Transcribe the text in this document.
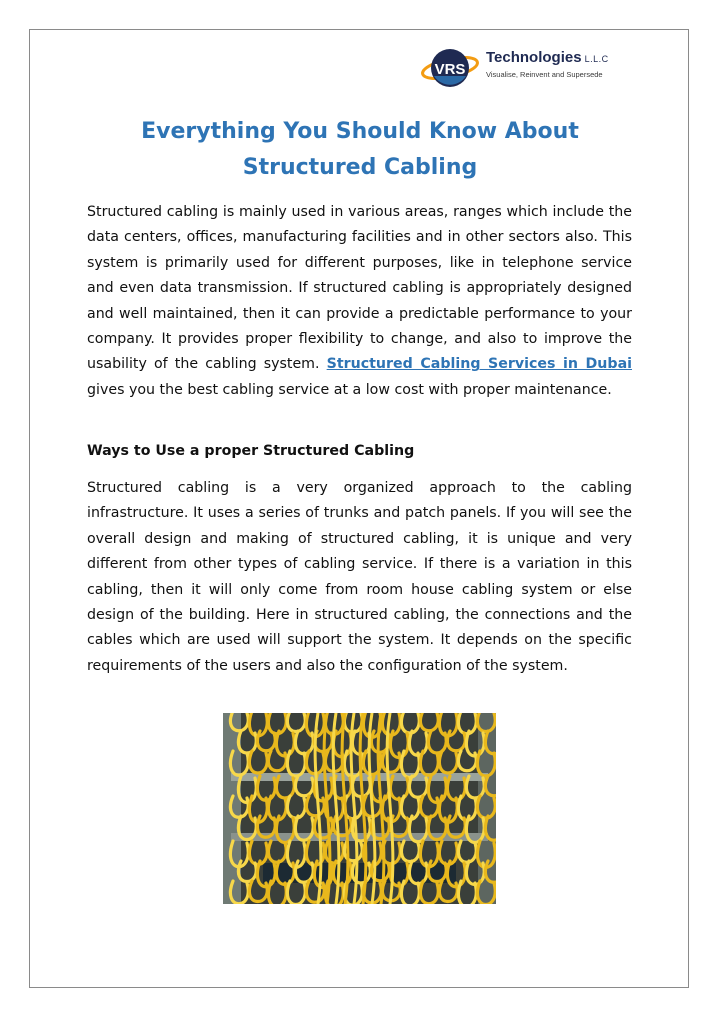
VRS
Technologies L.L.C
Visualise, Reinvent and Supersede
Everything You Should Know About
Structured Cabling

Structured cabling is mainly used in various areas, ranges which include the data centers, offices, manufacturing facilities and in other sectors also. This system is primarily used for different purposes, like in telephone service and even data transmission. If structured cabling is appropriately designed and well maintained, then it can provide a predictable performance to your company. It provides proper flexibility to change, and also to improve the usability of the cabling system. Structured Cabling Services in Dubai gives you the best cabling service at a low cost with proper maintenance.

Ways to Use a proper Structured Cabling

Structured cabling is a very organized approach to the cabling infrastructure. It uses a series of trunks and patch panels. If you will see the overall design and making of structured cabling, it is unique and very different from other types of cabling service. If there is a variation in this cabling, then it will only come from room house cabling system or else design of the building. Here in structured cabling, the connections and the cables which are used will support the system. It depends on the specific requirements of the users and also the configuration of the system.
